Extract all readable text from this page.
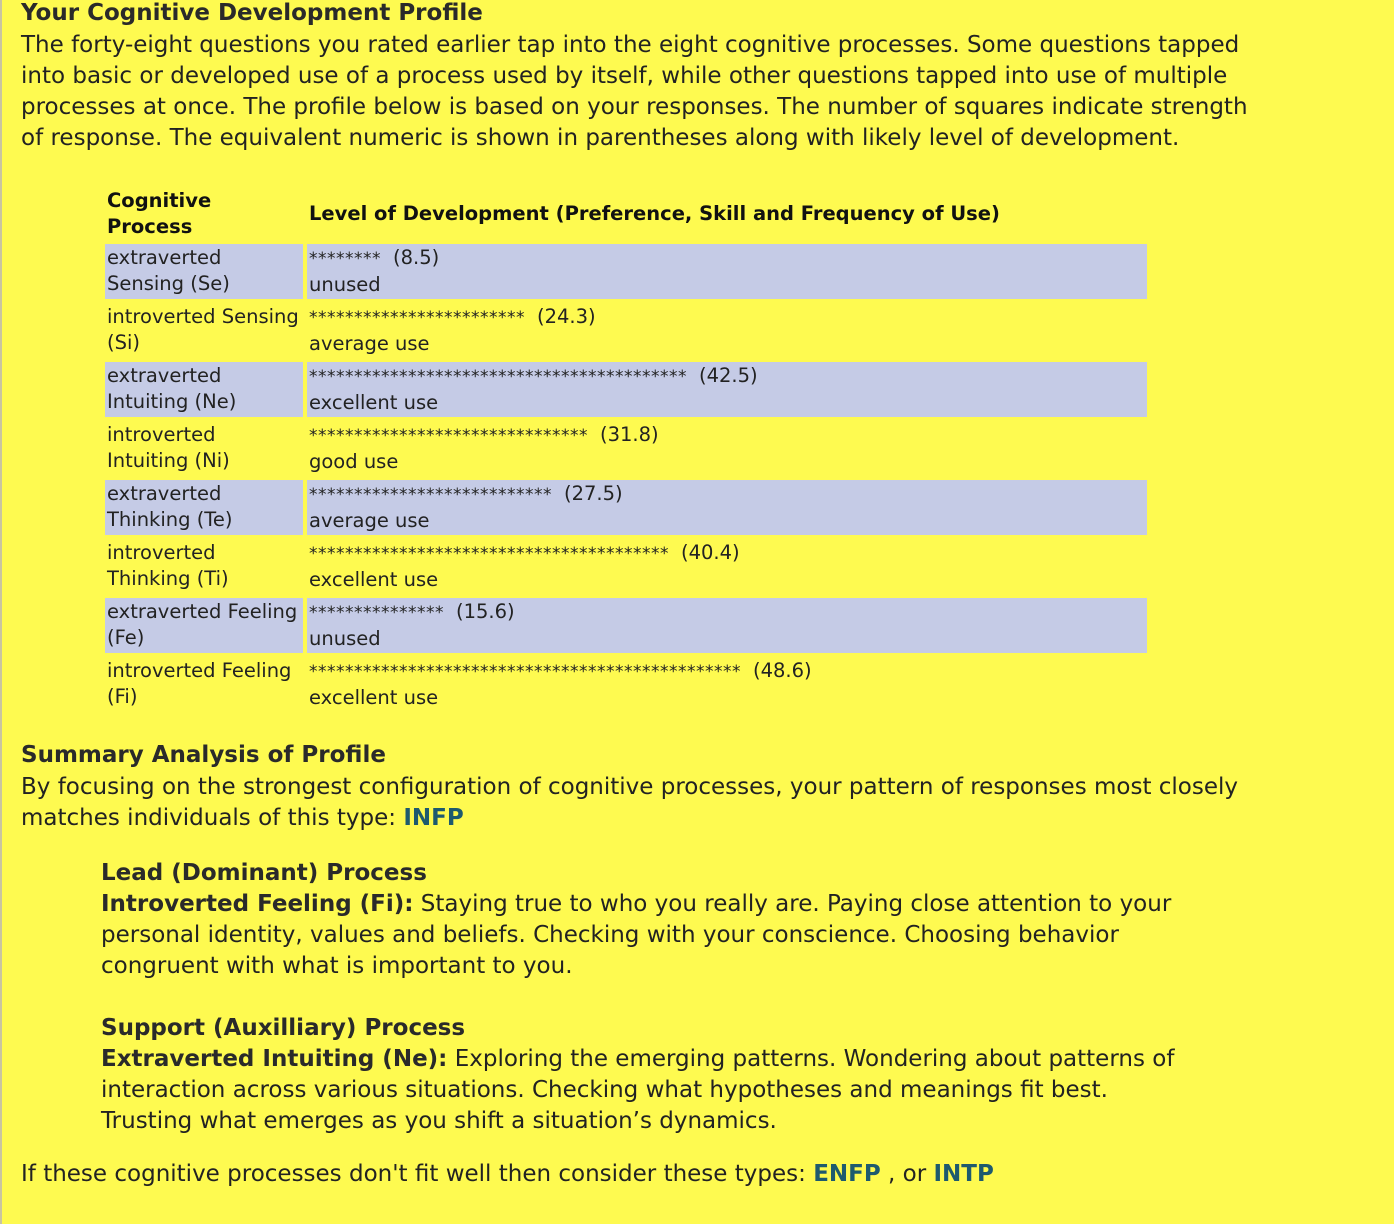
Your Cognitive Development Profile

The forty-eight questions you rated earlier tap into the eight cognitive processes. Some questions tapped into basic or developed use of a process used by itself, while other questions tapped into use of multiple processes at once. The profile below is based on your responses. The number of squares indicate strength of response. The equivalent numeric is shown in parentheses along with likely level of development.

Cognitive Process		Level of Development (Preference, Skill and Frequency of Use)
extraverted Sensing (Se)		******** (8.5)
unused
introverted Sensing (Si)		************************ (24.3)
average use
extraverted Intuiting (Ne)		****************************************** (42.5)
excellent use
introverted Intuiting (Ni)		******************************* (31.8)
good use
extraverted Thinking (Te)		*************************** (27.5)
average use
introverted Thinking (Ti)		**************************************** (40.4)
excellent use
extraverted Feeling (Fe)		*************** (15.6)
unused
introverted Feeling (Fi)		************************************************ (48.6)
excellent use
Summary Analysis of Profile

By focusing on the strongest configuration of cognitive processes, your pattern of responses most closely matches individuals of this type: INFP

Lead (Dominant) Process

Introverted Feeling (Fi): Staying true to who you really are. Paying close attention to your personal identity, values and beliefs. Checking with your conscience. Choosing behavior congruent with what is important to you.

Support (Auxilliary) Process

Extraverted Intuiting (Ne): Exploring the emerging patterns. Wondering about patterns of interaction across various situations. Checking what hypotheses and meanings fit best. Trusting what emerges as you shift a situation’s dynamics.

If these cognitive processes don't fit well then consider these types: ENFP , or INTP
